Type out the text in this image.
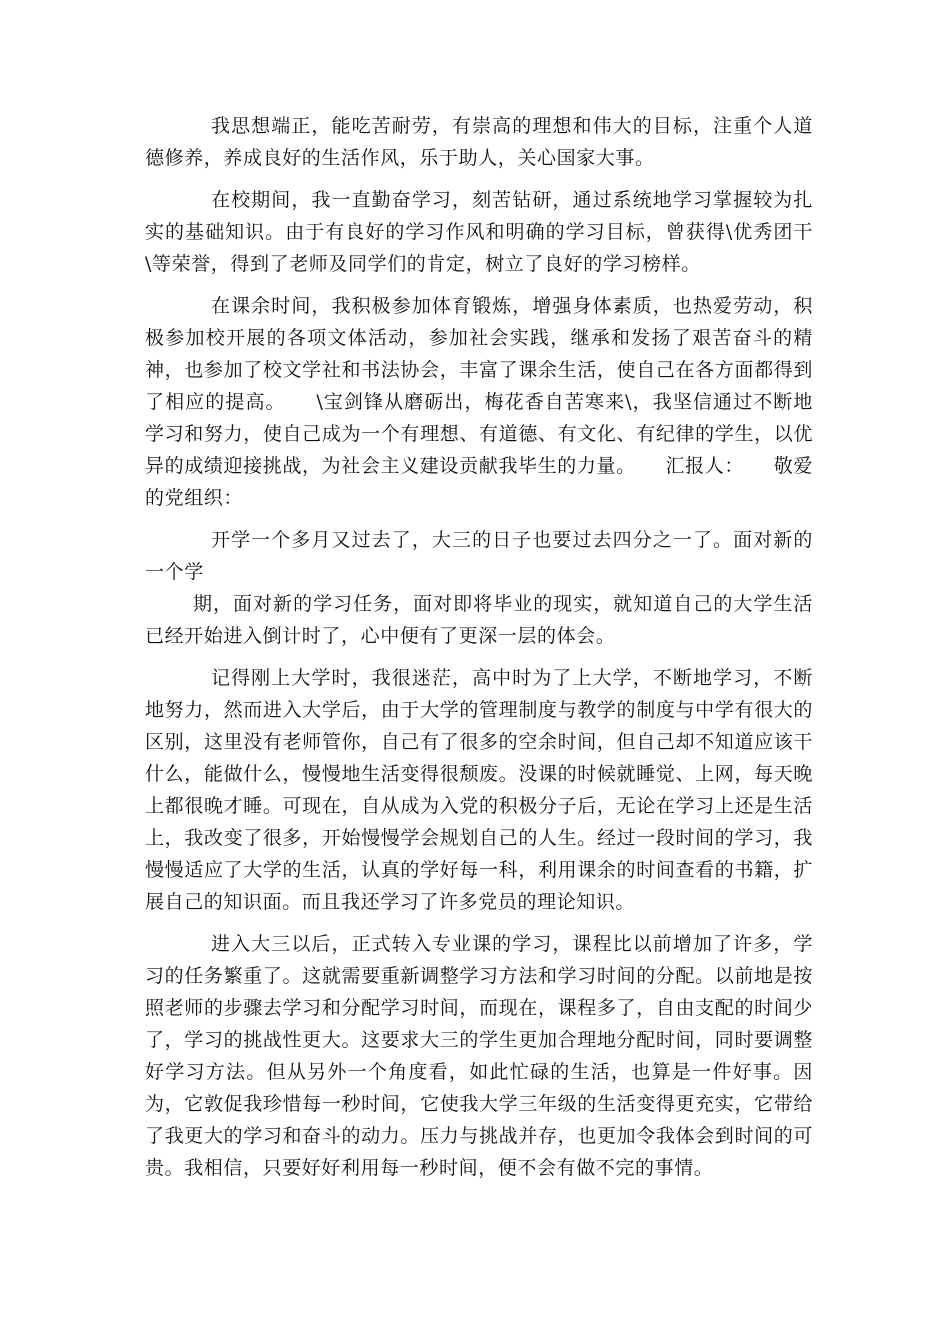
我思想端正，能吃苦耐劳，有崇高的理想和伟大的目标，注重个人道德修养，养成良好的生活作风，乐于助人，关心国家大事。

在校期间，我一直勤奋学习，刻苦钻研，通过系统地学习掌握较为扎实的基础知识。由于有良好的学习作风和明确的学习目标，曾获得\优秀团干\等荣誉，得到了老师及同学们的肯定，树立了良好的学习榜样。

在课余时间，我积极参加体育锻炼，增强身体素质，也热爱劳动，积极参加校开展的各项文体活动，参加社会实践，继承和发扬了艰苦奋斗的精神，也参加了校文学社和书法协会，丰富了课余生活，使自己在各方面都得到了相应的提高。　　\宝剑锋从磨砺出，梅花香自苦寒来\，我坚信通过不断地学习和努力，使自己成为一个有理想、有道德、有文化、有纪律的学生，以优异的成绩迎接挑战，为社会主义建设贡献我毕生的力量。　　汇报人：　　敬爱的党组织：

开学一个多月又过去了，大三的日子也要过去四分之一了。面对新的一个学

期，面对新的学习任务，面对即将毕业的现实，就知道自己的大学生活已经开始进入倒计时了，心中便有了更深一层的体会。

记得刚上大学时，我很迷茫，高中时为了上大学，不断地学习，不断地努力，然而进入大学后，由于大学的管理制度与教学的制度与中学有很大的区别，这里没有老师管你，自己有了很多的空余时间，但自己却不知道应该干什么，能做什么，慢慢地生活变得很颓废。没课的时候就睡觉、上网，每天晚上都很晚才睡。可现在，自从成为入党的积极分子后，无论在学习上还是生活上，我改变了很多，开始慢慢学会规划自己的人生。经过一段时间的学习，我慢慢适应了大学的生活，认真的学好每一科，利用课余的时间查看的书籍，扩展自己的知识面。而且我还学习了许多党员的理论知识。

进入大三以后，正式转入专业课的学习，课程比以前增加了许多，学习的任务繁重了。这就需要重新调整学习方法和学习时间的分配。以前地是按照老师的步骤去学习和分配学习时间，而现在，课程多了，自由支配的时间少了，学习的挑战性更大。这要求大三的学生更加合理地分配时间，同时要调整好学习方法。但从另外一个角度看，如此忙碌的生活，也算是一件好事。因为，它敦促我珍惜每一秒时间，它使我大学三年级的生活变得更充实，它带给了我更大的学习和奋斗的动力。压力与挑战并存，也更加令我体会到时间的可贵。我相信，只要好好利用每一秒时间，便不会有做不完的事情。
